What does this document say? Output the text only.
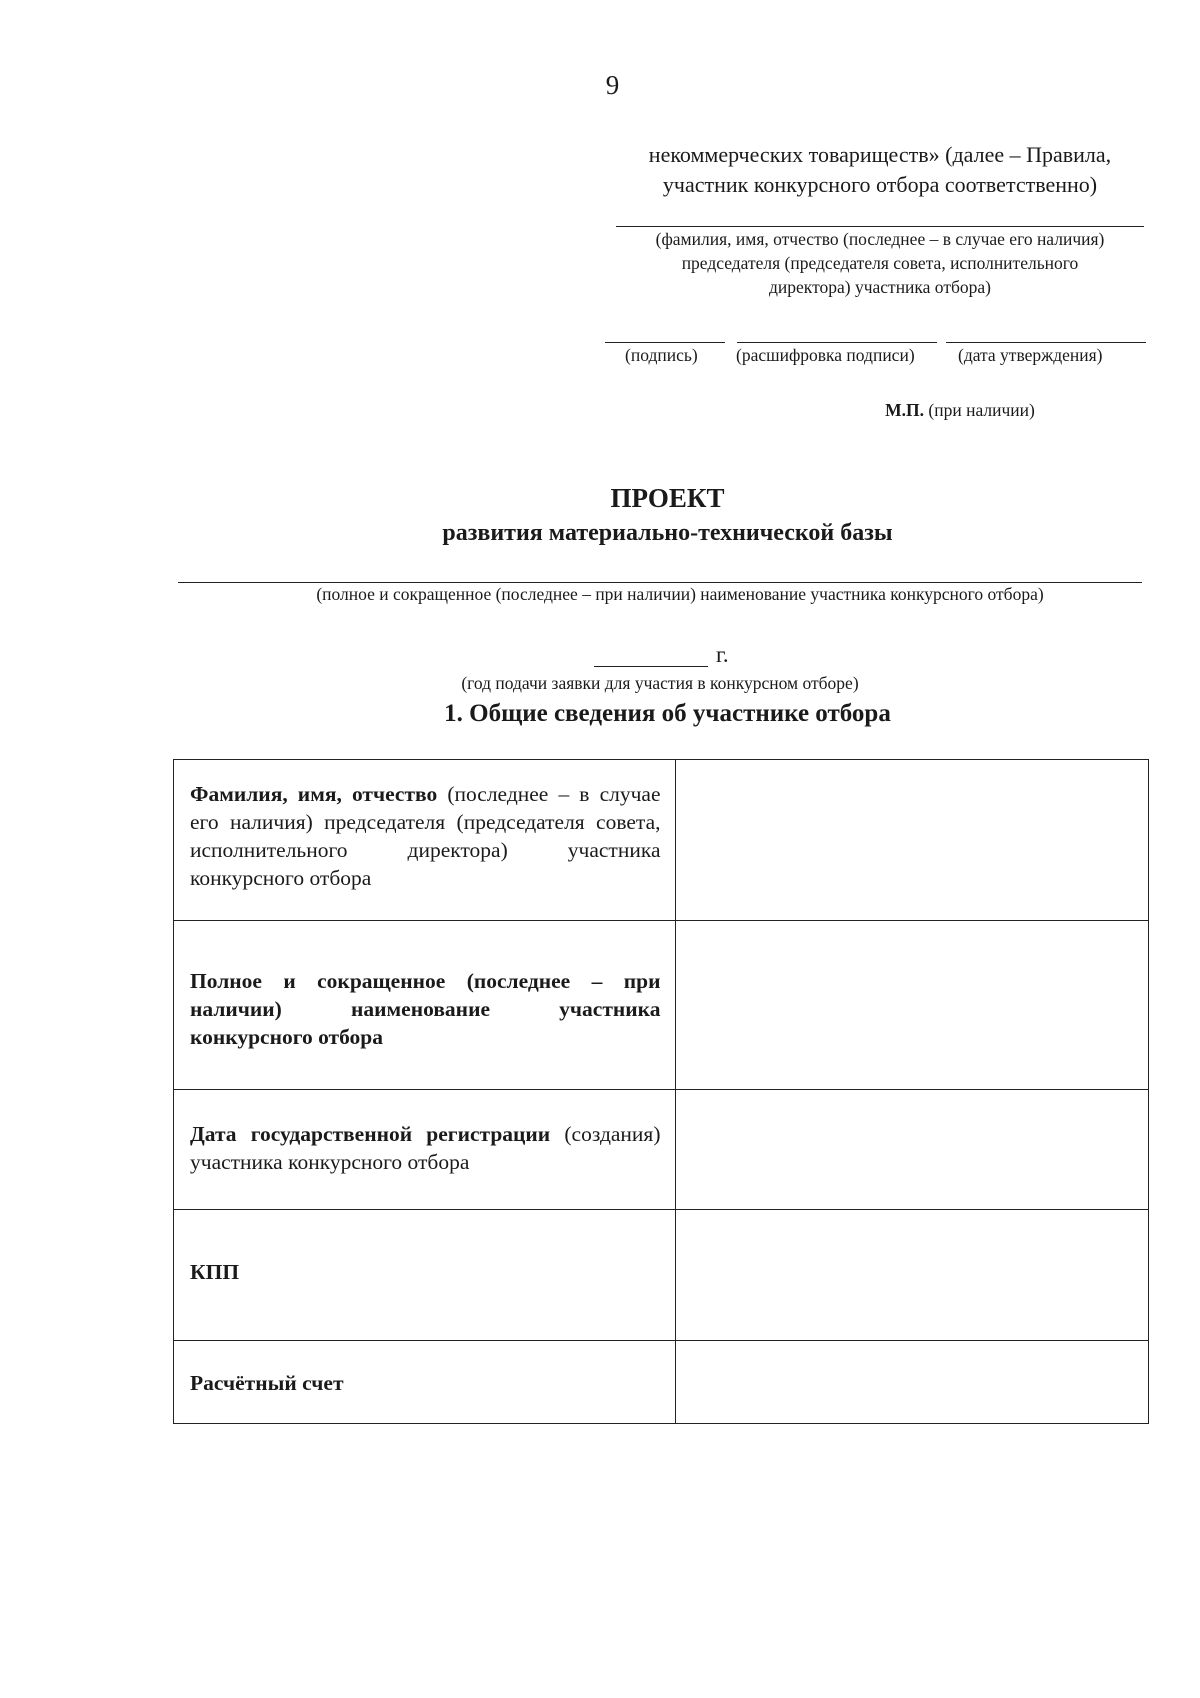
9
некоммерческих товариществ» (далее – Правила,
участник конкурсного отбора соответственно)
(фамилия, имя, отчество (последнее – в случае его наличия)
председателя (председателя совета, исполнительного
директора) участника отбора)
(подпись) (расшифровка подписи) (дата утверждения)
М.П. (при наличии)
ПРОЕКТ
развития материально-технической базы
(полное и сокращенное (последнее – при наличии) наименование участника конкурсного отбора)
г.
(год подачи заявки для участия в конкурсном отборе)
1. Общие сведения об участнике отбора
Фамилия, имя, отчество (последнее – в случае его наличия) председателя (председателя совета, исполнительного директора) участника конкурсного отбора	
Полное и сокращенное (последнее – при наличии) наименование участника конкурсного отбора	
Дата государственной регистрации (создания) участника конкурсного отбора	
КПП	
Расчётный счет	
